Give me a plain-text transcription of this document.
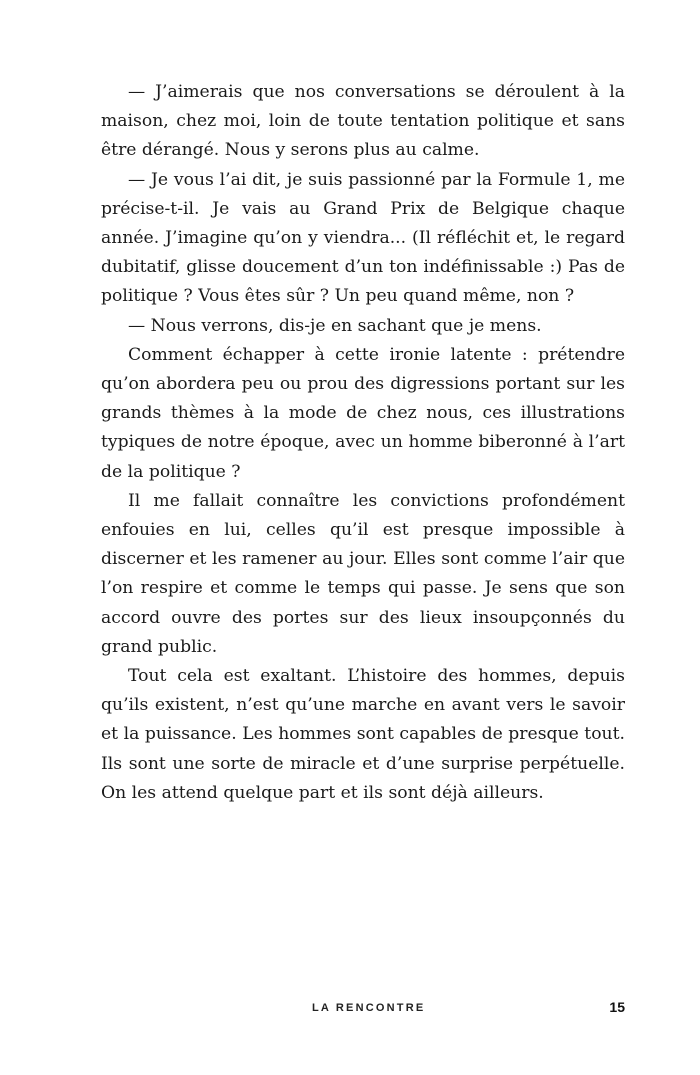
— J’aimerais que nos conversations se déroulent à la maison, chez moi, loin de toute tentation politique et sans être dérangé. Nous y serons plus au calme.

— Je vous l’ai dit, je suis passionné par la Formule 1, me précise-t-il. Je vais au Grand Prix de Belgique chaque année. J’imagine qu’on y viendra... (Il réfléchit et, le regard dubitatif, glisse doucement d’un ton indéfinissable :) Pas de politique ? Vous êtes sûr ? Un peu quand même, non ?

— Nous verrons, dis-je en sachant que je mens.

Comment échapper à cette ironie latente : prétendre qu’on abordera peu ou prou des digressions portant sur les grands thèmes à la mode de chez nous, ces illustrations typiques de notre époque, avec un homme biberonné à l’art de la politique ?

Il me fallait connaître les convictions profondément enfouies en lui, celles qu’il est presque impossible à discerner et les ramener au jour. Elles sont comme l’air que l’on respire et comme le temps qui passe. Je sens que son accord ouvre des portes sur des lieux insoupçonnés du grand public.

Tout cela est exaltant. L’histoire des hommes, depuis qu’ils existent, n’est qu’une marche en avant vers le savoir et la puissance. Les hommes sont capables de presque tout. Ils sont une sorte de miracle et d’une surprise perpétuelle. On les attend quelque part et ils sont déjà ailleurs.

LA RENCONTRE	15
